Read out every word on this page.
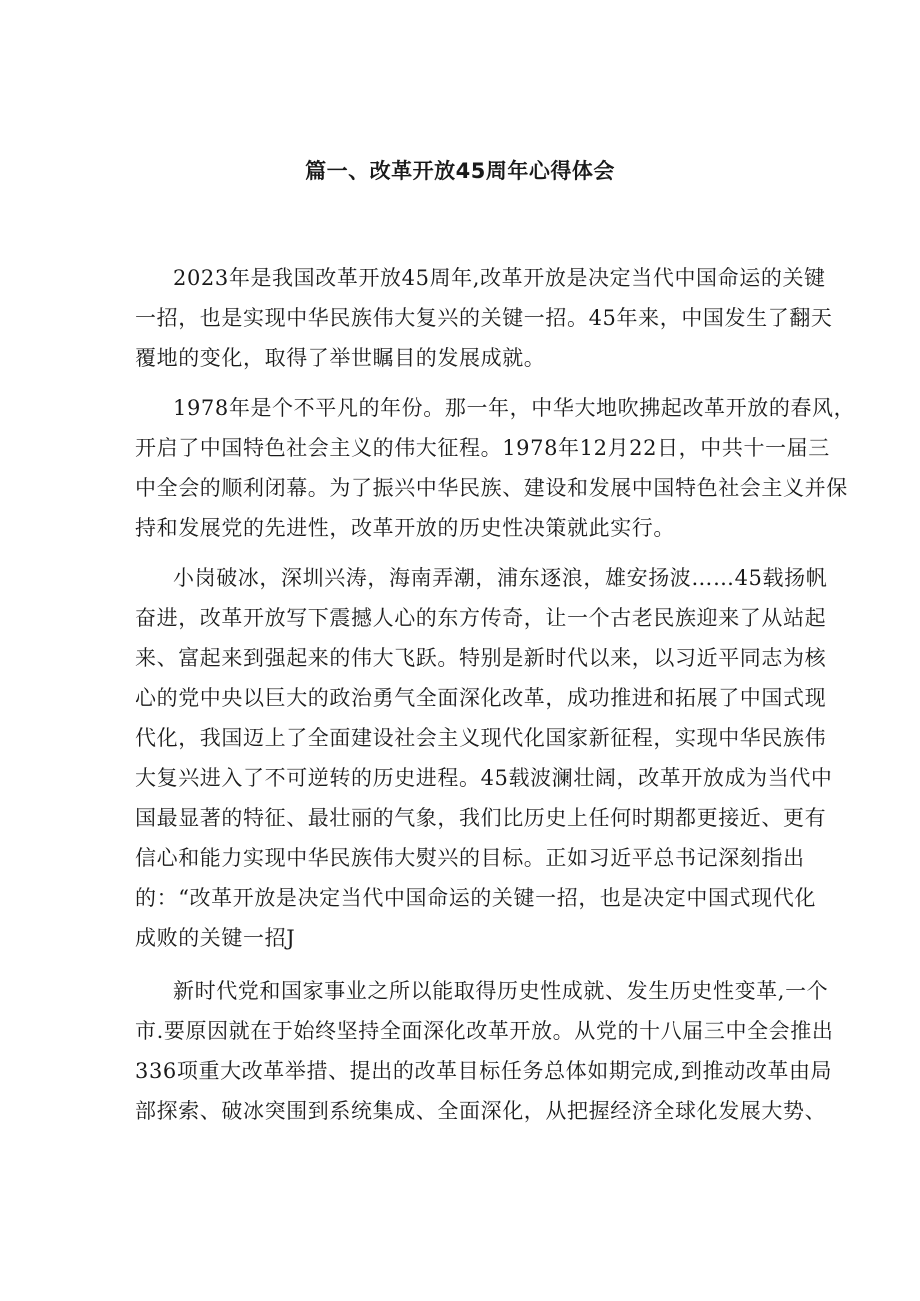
篇一、改革开放45周年心得体会
2023年是我国改革开放45周年,改革开放是决定当代中国命运的关键
一招，也是实现中华民族伟大复兴的关键一招。45年来，中国发生了翻天
覆地的变化，取得了举世瞩目的发展成就。
1978年是个不平凡的年份。那一年，中华大地吹拂起改革开放的春风，
开启了中国特色社会主义的伟大征程。1978年12月22日，中共十一届三
中全会的顺利闭幕。为了振兴中华民族、建设和发展中国特色社会主义并保
持和发展党的先进性，改革开放的历史性决策就此实行。
小岗破冰，深圳兴涛，海南弄潮，浦东逐浪，雄安扬波……45载扬帆
奋进，改革开放写下震撼人心的东方传奇，让一个古老民族迎来了从站起
来、富起来到强起来的伟大飞跃。特别是新时代以来，以习近平同志为核
心的党中央以巨大的政治勇气全面深化改革，成功推进和拓展了中国式现
代化，我国迈上了全面建设社会主义现代化国家新征程，实现中华民族伟
大复兴进入了不可逆转的历史进程。45载波澜壮阔，改革开放成为当代中
国最显著的特征、最壮丽的气象，我们比历史上任何时期都更接近、更有
信心和能力实现中华民族伟大熨兴的目标。正如习近平总书记深刻指出
的：“改革开放是决定当代中国命运的关键一招，也是决定中国式现代化
成败的关键一招J
新时代党和国家事业之所以能取得历史性成就、发生历史性变革,一个
市.要原因就在于始终坚持全面深化改革开放。从党的十八届三中全会推出
336项重大改革举措、提出的改革目标任务总体如期完成,到推动改革由局
部探索、破冰突围到系统集成、全面深化，从把握经济全球化发展大势、
